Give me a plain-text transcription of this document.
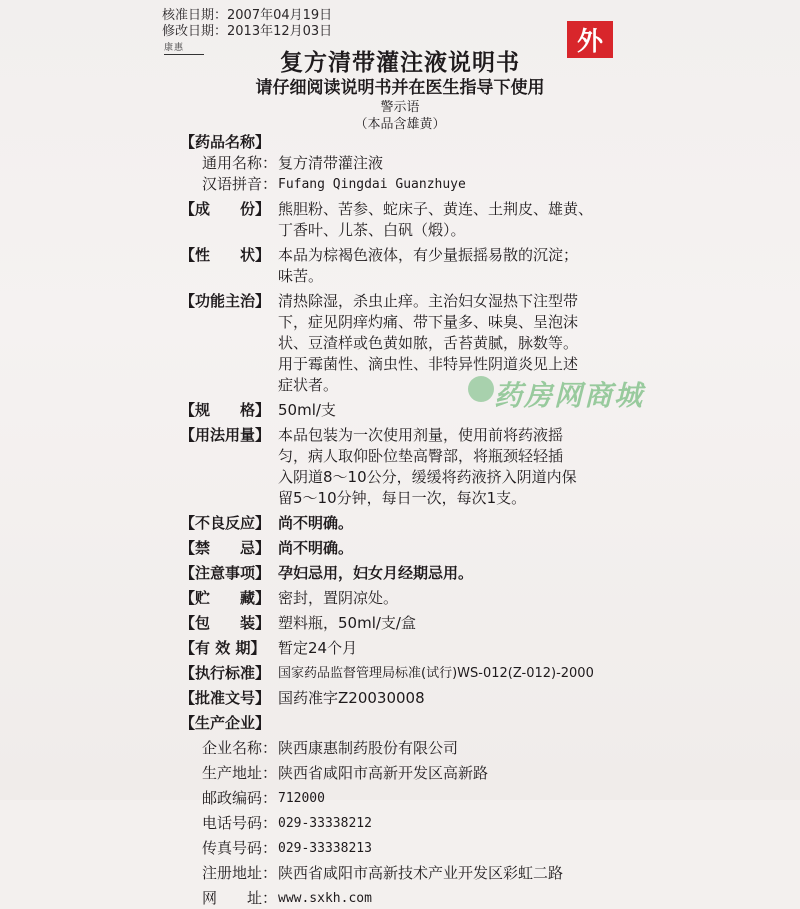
核准日期：2007年04月19日
修改日期：2013年12月03日
康惠	外
复方清带灌注液说明书
请仔细阅读说明书并在医生指导下使用
警示语
（本品含雄黄）
药房网商城
【药品名称】
通用名称： 复方清带灌注液
汉语拼音： Fufang Qingdai Guanzhuye
【成　　份】 熊胆粉、苦参、蛇床子、黄连、土荆皮、雄黄、
丁香叶、儿茶、白矾（煅）。
【性　　状】 本品为棕褐色液体，有少量振摇易散的沉淀；
味苦。
【功能主治】 清热除湿，杀虫止痒。主治妇女湿热下注型带
下，症见阴痒灼痛、带下量多、味臭、呈泡沫
状、豆渣样或色黄如脓，舌苔黄腻，脉数等。
用于霉菌性、滴虫性、非特异性阴道炎见上述
症状者。
【规　　格】 50ml/支
【用法用量】 本品包装为一次使用剂量，使用前将药液摇
匀，病人取仰卧位垫高臀部，将瓶颈轻轻插
入阴道8～10公分，缓缓将药液挤入阴道内保
留5～10分钟，每日一次，每次1支。
【不良反应】 尚不明确。
【禁　　忌】 尚不明确。
【注意事项】 孕妇忌用，妇女月经期忌用。
【贮　　藏】 密封，置阴凉处。
【包　　装】 塑料瓶，50ml/支/盒
【有 效 期】 暂定24个月
【执行标准】 国家药品监督管理局标准(试行)WS-012(Z-012)-2000
【批准文号】 国药准字Z20030008
【生产企业】
企业名称： 陕西康惠制药股份有限公司
生产地址： 陕西省咸阳市高新开发区高新路
邮政编码： 712000
电话号码： 029-33338212
传真号码： 029-33338213
注册地址： 陕西省咸阳市高新技术产业开发区彩虹二路
网　　址： www.sxkh.com
